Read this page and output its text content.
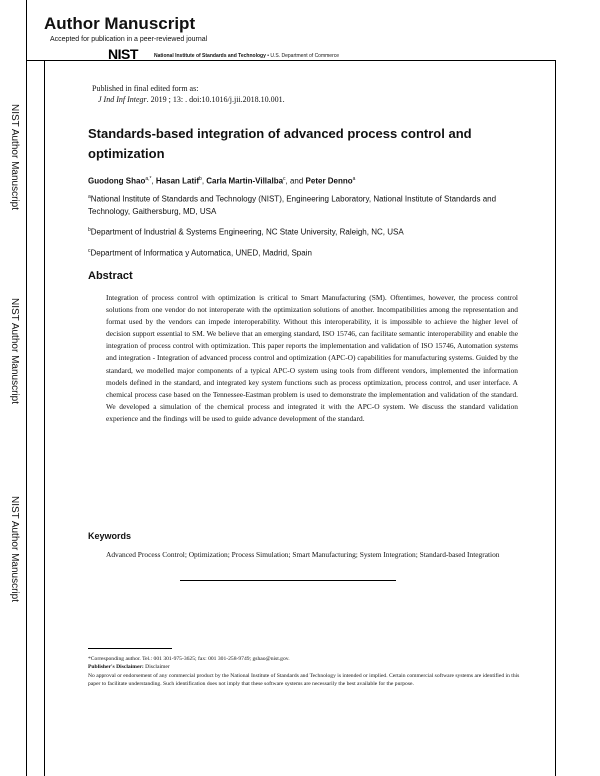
Author Manuscript

Accepted for publication in a peer-reviewed journal

NIST	National Institute of Standards and Technology • U.S. Department of Commerce
NIST Author Manuscript
NIST Author Manuscript
NIST Author Manuscript
Published in final edited form as:
J Ind Inf Integr. 2019 ; 13: . doi:10.1016/j.jii.2018.10.001.
Standards-based integration of advanced process control and optimization
Guodong Shao$^{a,*}$, Hasan Latif$^b$, Carla Martin-Villalba$^c$, and Peter Denno$^a$
$^a$National Institute of Standards and Technology (NIST), Engineering Laboratory, National Institute of Standards and Technology, Gaithersburg, MD, USA
$^b$Department of Industrial & Systems Engineering, NC State University, Raleigh, NC, USA
$^c$Department of Informatica y Automatica, UNED, Madrid, Spain
Abstract
Integration of process control with optimization is critical to Smart Manufacturing (SM). Oftentimes, however, the process control solutions from one vendor do not interoperate with the optimization solutions of another. Incompatibilities among the representation and format used by the vendors can impede interoperability. Without this interoperability, it is impossible to achieve the higher level of decision support essential to SM. We believe that an emerging standard, ISO 15746, can facilitate semantic interoperability and enable the integration of process control with optimization. This paper reports the implementation and validation of ISO 15746, Automation systems and integration - Integration of advanced process control and optimization (APC-O) capabilities for manufacturing systems. Guided by the standard, we modelled major components of a typical APC-O system using tools from different vendors, implemented the information models defined in the standard, and integrated key system functions such as process optimization, process control, and user interface. A chemical process case based on the Tennessee-Eastman problem is used to demonstrate the implementation and validation of the standard. We developed a simulation of the chemical process and integrated it with the APC-O system. We discuss the standard validation experience and the findings will be used to guide advance development of the standard.
Keywords
Advanced Process Control; Optimization; Process Simulation; Smart Manufacturing; System Integration; Standard-based Integration

*Corresponding author. Tel.: 001 301-975-3625; fax: 001 301-258-9749; gshao@nist.gov.

Publisher's Disclaimer: Disclaimer

No approval or endorsement of any commercial product by the National Institute of Standards and Technology is intended or implied. Certain commercial software systems are identified in this paper to facilitate understanding. Such identification does not imply that these software systems are necessarily the best available for the purpose.
